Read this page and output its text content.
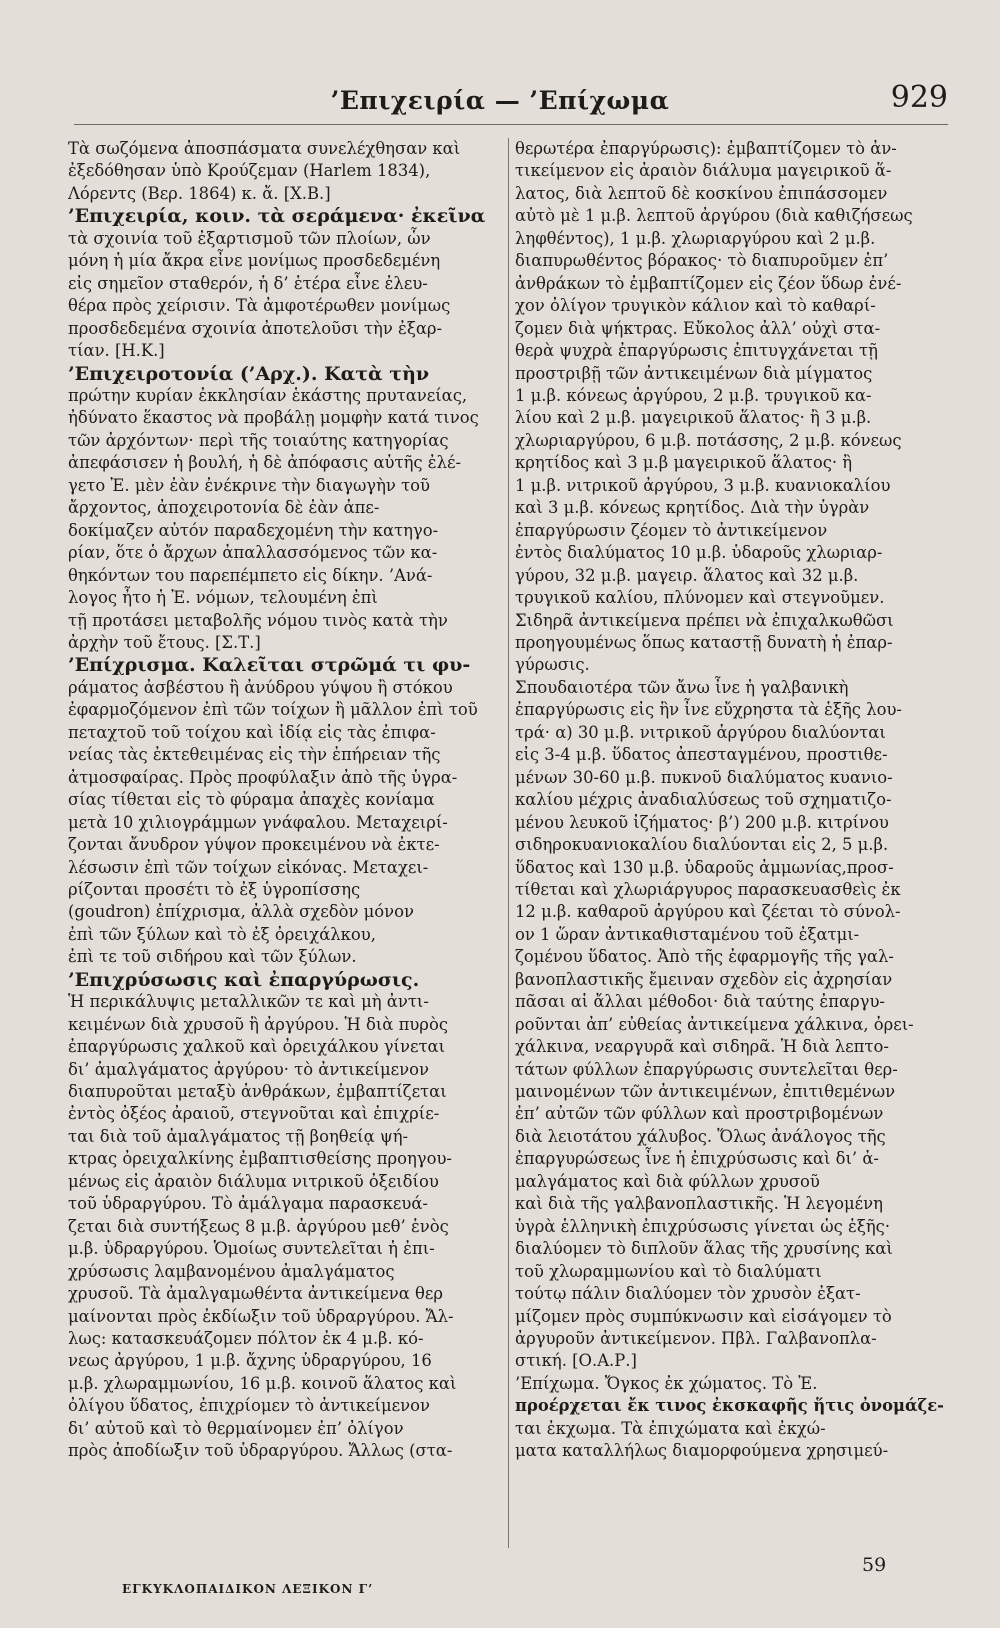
’Επιχειρία — ’Επίχωμα	929
Τὰ σωζόμενα ἀποσπάσματα συνελέχθησαν καὶ
ἐξεδόθησαν ὑπὸ Κρούζεμαν (Harlem 1834),
Λόρεντς (Βερ. 1864) κ. ἄ. [Χ.Β.]
’Επιχειρία, κοιν. τὰ σεράμενα· ἐκεῖνα
τὰ σχοινία τοῦ ἐξαρτισμοῦ τῶν πλοίων, ὧν
μόνη ἡ μία ἄκρα εἶνε μονίμως προσδεδεμένη
εἰς σημεῖον σταθερόν, ἡ δ’ ἑτέρα εἶνε ἐλευ-
θέρα πρὸς χείρισιν. Τὰ ἀμφοτέρωθεν μονίμως
προσδεδεμένα σχοινία ἀποτελοῦσι τὴν ἐξαρ-
τίαν. [Η.Κ.]
’Επιχειροτονία (’Αρχ.). Κατὰ τὴν
πρώτην κυρίαν ἐκκλησίαν ἑκάστης πρυτανείας,
ἠδύνατο ἕκαστος νὰ προβάλῃ μομφὴν κατά τινος
τῶν ἀρχόντων· περὶ τῆς τοιαύτης κατηγορίας
ἀπεφάσισεν ἡ βουλή, ἡ δὲ ἀπόφασις αὐτῆς ἐλέ-
γετο Ἐ. μὲν ἐὰν ἐνέκρινε τὴν διαγωγὴν τοῦ
ἄρχοντος, ἀποχειροτονία δὲ ἐὰν ἀπε-
δοκίμαζεν αὐτόν παραδεχομένη τὴν κατηγο-
ρίαν, ὅτε ὁ ἄρχων ἀπαλλασσόμενος τῶν κα-
θηκόντων του παρεπέμπετο εἰς δίκην. ’Ανά-
λογος ἦτο ἡ Ἐ. νόμων, τελουμένη ἐπὶ
τῇ προτάσει μεταβολῆς νόμου τινὸς κατὰ τὴν
ἀρχὴν τοῦ ἔτους. [Σ.Τ.]
’Επίχρισμα. Καλεῖται στρῶμά τι φυ-
ράματος ἀσβέστου ἢ ἀνύδρου γύψου ἢ στόκου
ἐφαρμοζόμενον ἐπὶ τῶν τοίχων ἢ μᾶλλον ἐπὶ τοῦ
πεταχτοῦ τοῦ τοίχου καὶ ἰδίᾳ εἰς τὰς ἐπιφα-
νείας τὰς ἐκτεθειμένας εἰς τὴν ἐπήρειαν τῆς
ἀτμοσφαίρας. Πρὸς προφύλαξιν ἀπὸ τῆς ὑγρα-
σίας τίθεται εἰς τὸ φύραμα ἀπαχὲς κονίαμα
μετὰ 10 χιλιογράμμων γνάφαλου. Μεταχειρί-
ζονται ἄνυδρον γύψον προκειμένου νὰ ἐκτε-
λέσωσιν ἐπὶ τῶν τοίχων εἰκόνας. Μεταχει-
ρίζονται προσέτι τὸ ἐξ ὑγροπίσσης
(goudron) ἐπίχρισμα, ἀλλὰ σχεδὸν μόνον
ἐπὶ τῶν ξύλων καὶ τὸ ἐξ ὀρειχάλκου,
ἐπὶ τε τοῦ σιδήρου καὶ τῶν ξύλων.
’Επιχρύσωσις καὶ ἐπαργύρωσις.
Ἡ περικάλυψις μεταλλικῶν τε καὶ μὴ ἀντι-
κειμένων διὰ χρυσοῦ ἢ ἀργύρου. Ἡ διὰ πυρὸς
ἐπαργύρωσις χαλκοῦ καὶ ὀρειχάλκου γίνεται
δι’ ἀμαλγάματος ἀργύρου· τὸ ἀντικείμενον
διαπυροῦται μεταξὺ ἀνθράκων, ἐμβαπτίζεται
ἐντὸς ὀξέος ἀραιοῦ, στεγνοῦται καὶ ἐπιχρίε-
ται διὰ τοῦ ἀμαλγάματος τῇ βοηθείᾳ ψή-
κτρας ὀρειχαλκίνης ἐμβαπτισθείσης προηγου-
μένως εἰς ἀραιὸν διάλυμα νιτρικοῦ ὀξειδίου
τοῦ ὑδραργύρου. Τὸ ἀμάλγαμα παρασκευά-
ζεται διὰ συντήξεως 8 μ.β. ἀργύρου μεθ’ ἑνὸς
μ.β. ὑδραργύρου. Ὁμοίως συντελεῖται ἡ ἐπι-
χρύσωσις λαμβανομένου ἀμαλγάματος
χρυσοῦ. Τὰ ἀμαλγαμωθέντα ἀντικείμενα θερ
μαίνονται πρὸς ἐκδίωξιν τοῦ ὑδραργύρου. Ἄλ-
λως: κατασκευάζομεν πόλτον ἐκ 4 μ.β. κό-
νεως ἀργύρου, 1 μ.β. ἄχνης ὑδραργύρου, 16
μ.β. χλωραμμωνίου, 16 μ.β. κοινοῦ ἅλατος καὶ
ὀλίγου ὕδατος, ἐπιχρίομεν τὸ ἀντικείμενον
δι’ αὐτοῦ καὶ τὸ θερμαίνομεν ἐπ’ ὀλίγον
πρὸς ἀποδίωξιν τοῦ ὑδραργύρου. Ἄλλως (στα-
θερωτέρα ἐπαργύρωσις): ἐμβαπτίζομεν τὸ ἀν-
τικείμενον εἰς ἀραιὸν διάλυμα μαγειρικοῦ ἅ-
λατος, διὰ λεπτοῦ δὲ κοσκίνου ἐπιπάσσομεν
αὐτὸ μὲ 1 μ.β. λεπτοῦ ἀργύρου (διὰ καθιζήσεως
ληφθέντος), 1 μ.β. χλωριαργύρου καὶ 2 μ.β.
διαπυρωθέντος βόρακος· τὸ διαπυροῦμεν ἐπ’
ἀνθράκων τὸ ἐμβαπτίζομεν εἰς ζέον ὕδωρ ἐνέ-
χον ὀλίγον τρυγικὸν κάλιον καὶ τὸ καθαρί-
ζομεν διὰ ψήκτρας. Εὔκολος ἀλλ’ οὐχὶ στα-
θερὰ ψυχρὰ ἐπαργύρωσις ἐπιτυγχάνεται τῇ
προστριβῇ τῶν ἀντικειμένων διὰ μίγματος
1 μ.β. κόνεως ἀργύρου, 2 μ.β. τρυγικοῦ κα-
λίου καὶ 2 μ.β. μαγειρικοῦ ἅλατος· ἢ 3 μ.β.
χλωριαργύρου, 6 μ.β. ποτάσσης, 2 μ.β. κόνεως
κρητίδος καὶ 3 μ.β μαγειρικοῦ ἅλατος· ἢ
1 μ.β. νιτρικοῦ ἀργύρου, 3 μ.β. κυανιοκαλίου
καὶ 3 μ.β. κόνεως κρητίδος. Διὰ τὴν ὑγρὰν
ἐπαργύρωσιν ζέομεν τὸ ἀντικείμενον
ἐντὸς διαλύματος 10 μ.β. ὑδαροῦς χλωριαρ-
γύρου, 32 μ.β. μαγειρ. ἅλατος καὶ 32 μ.β.
τρυγικοῦ καλίου, πλύνομεν καὶ στεγνοῦμεν.
Σιδηρᾶ ἀντικείμενα πρέπει νὰ ἐπιχαλκωθῶσι
προηγουμένως ὅπως καταστῇ δυνατὴ ἡ ἐπαρ-
γύρωσις.
Σπουδαιοτέρα τῶν ἄνω ἶνε ἡ γαλβανικὴ
ἐπαργύρωσις εἰς ἣν ἶνε εὔχρηστα τὰ ἑξῆς λου-
τρά· α) 30 μ.β. νιτρικοῦ ἀργύρου διαλύονται
εἰς 3-4 μ.β. ὕδατος ἀπεσταγμένου, προστιθε-
μένων 30-60 μ.β. πυκνοῦ διαλύματος κυανιο-
καλίου μέχρις ἀναδιαλύσεως τοῦ σχηματιζο-
μένου λευκοῦ ἰζήματος· β’) 200 μ.β. κιτρίνου
σιδηροκυανιοκαλίου διαλύονται εἰς 2, 5 μ.β.
ὕδατος καὶ 130 μ.β. ὑδαροῦς ἀμμωνίας,προσ-
τίθεται καὶ χλωριάργυρος παρασκευασθεὶς ἐκ
12 μ.β. καθαροῦ ἀργύρου καὶ ζέεται τὸ σύνολ-
ον 1 ὥραν ἀντικαθισταμένου τοῦ ἐξατμι-
ζομένου ὕδατος. Ἀπὸ τῆς ἐφαρμογῆς τῆς γαλ-
βανοπλαστικῆς ἔμειναν σχεδὸν εἰς ἀχρησίαν
πᾶσαι αἱ ἄλλαι μέθοδοι· διὰ ταύτης ἐπαργυ-
ροῦνται ἀπ’ εὐθείας ἀντικείμενα χάλκινα, ὀρει-
χάλκινα, νεαργυρᾶ καὶ σιδηρᾶ. Ἡ διὰ λεπτο-
τάτων φύλλων ἐπαργύρωσις συντελεῖται θερ-
μαινομένων τῶν ἀντικειμένων, ἐπιτιθεμένων
ἐπ’ αὐτῶν τῶν φύλλων καὶ προστριβομένων
διὰ λειοτάτου χάλυβος. Ὅλως ἀνάλογος τῆς
ἐπαργυρώσεως ἶνε ἡ ἐπιχρύσωσις καὶ δι’ ἀ-
μαλγάματος καὶ διὰ φύλλων χρυσοῦ
καὶ διὰ τῆς γαλβανοπλαστικῆς. Ἡ λεγομένη
ὑγρὰ ἑλληνικὴ ἐπιχρύσωσις γίνεται ὡς ἑξῆς·
διαλύομεν τὸ διπλοῦν ἅλας τῆς χρυσίνης καὶ
τοῦ χλωραμμωνίου καὶ τὸ διαλύματι
τούτῳ πάλιν διαλύομεν τὸν χρυσὸν ἐξατ-
μίζομεν πρὸς συμπύκνωσιν καὶ εἰσάγομεν τὸ
ἀργυροῦν ἀντικείμενον. Πβλ. Γαλβανοπλα-
στική. [Ο.Α.Ρ.]
’Επίχωμα. Ὄγκος ἐκ χώματος. Τὸ Ἐ.
προέρχεται ἔκ τινος ἐκσκαφῆς ἥτις ὀνομάζε-
ται ἐκχωμα. Τὰ ἐπιχώματα καὶ ἐκχώ-
ματα καταλλήλως διαμορφούμενα χρησιμεύ-
ΕΓΚΥΚΛΟΠΑΙΔΙΚΟΝ ΛΕΞΙΚΟΝ Γ’
59
